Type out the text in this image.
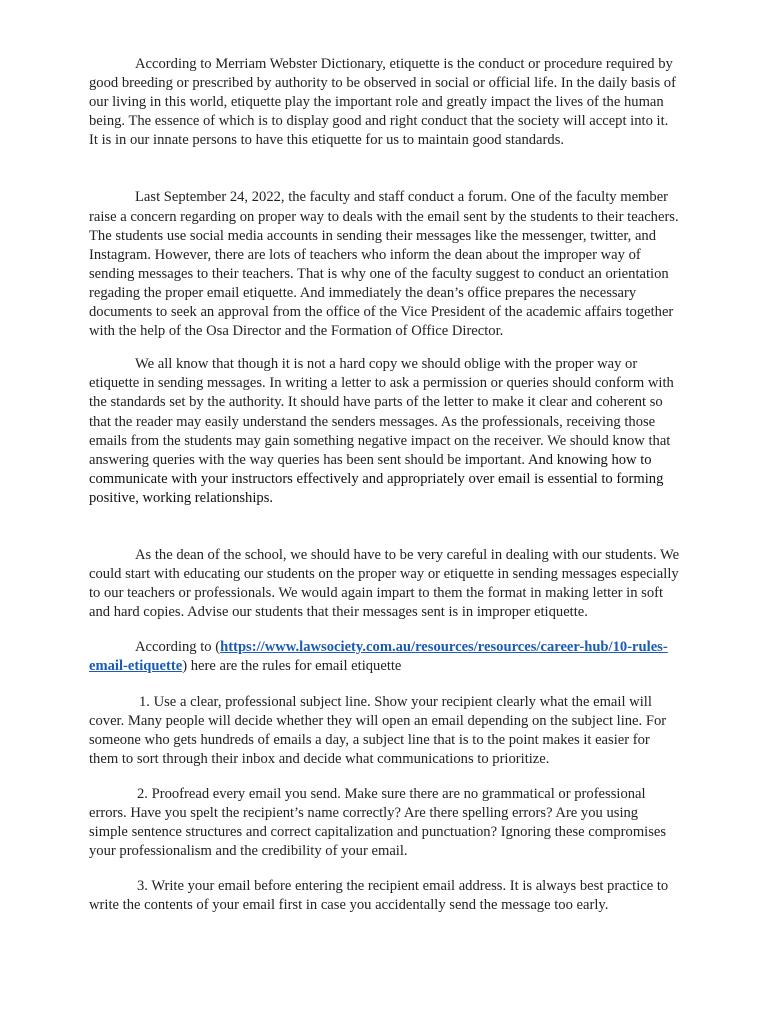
According to Merriam Webster Dictionary, etiquette is the conduct or procedure required by good breeding or prescribed by authority to be observed in social or official life. In the daily basis of our living in this world, etiquette play the important role and greatly impact the lives of the human being. The essence of which is to display good and right conduct that the society will accept into it. It is in our innate persons to have this etiquette for us to maintain good standards.

Last September 24, 2022, the faculty and staff conduct a forum. One of the faculty member raise a concern regarding on proper way to deals with the email sent by the students to their teachers. The students use social media accounts in sending their messages like the messenger, twitter, and Instagram. However, there are lots of teachers who inform the dean about the improper way of sending messages to their teachers. That is why one of the faculty suggest to conduct an orientation regading the proper email etiquette. And immediately the dean’s office prepares the necessary documents to seek an approval from the office of the Vice President of the academic affairs together with the help of the Osa Director and the Formation of Office Director.

We all know that though it is not a hard copy we should oblige with the proper way or etiquette in sending messages. In writing a letter to ask a permission or queries should conform with the standards set by the authority. It should have parts of the letter to make it clear and coherent so that the reader may easily understand the senders messages. As the professionals, receiving those emails from the students may gain something negative impact on the receiver. We should know that answering queries with the way queries has been sent should be important. And knowing how to communicate with your instructors effectively and appropriately over email is essential to forming positive, working relationships.

As the dean of the school, we should have to be very careful in dealing with our students. We could start with educating our students on the proper way or etiquette in sending messages especially to our teachers or professionals. We would again impart to them the format in making letter in soft and hard copies. Advise our students that their messages sent is in improper etiquette.

According to (https://www.lawsociety.com.au/resources/resources/career-hub/10-rules-email-etiquette) here are the rules for email etiquette

1. Use a clear, professional subject line. Show your recipient clearly what the email will cover. Many people will decide whether they will open an email depending on the subject line. For someone who gets hundreds of emails a day, a subject line that is to the point makes it easier for them to sort through their inbox and decide what communications to prioritize.

2. Proofread every email you send. Make sure there are no grammatical or professional errors. Have you spelt the recipient’s name correctly? Are there spelling errors? Are you using simple sentence structures and correct capitalization and punctuation? Ignoring these compromises your professionalism and the credibility of your email.

3. Write your email before entering the recipient email address. It is always best practice to write the contents of your email first in case you accidentally send the message too early.
